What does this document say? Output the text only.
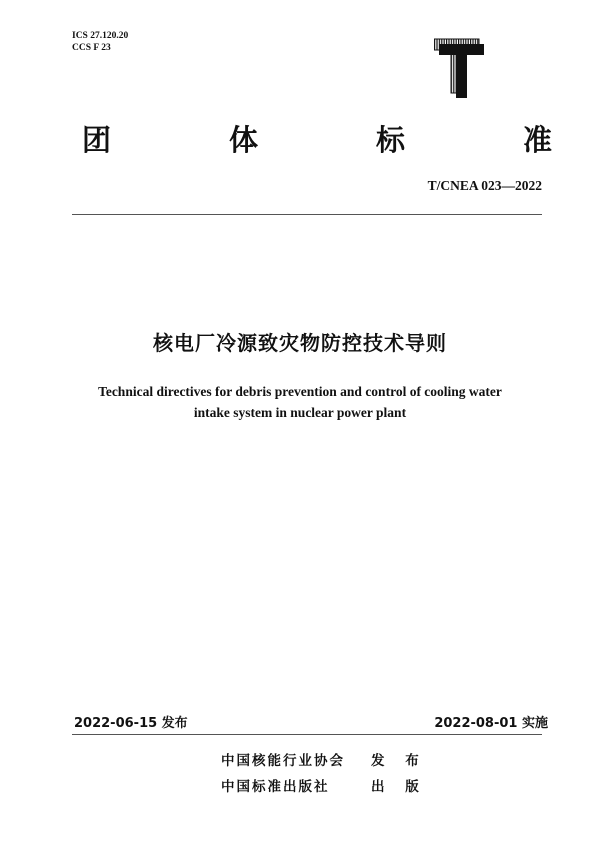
ICS 27.120.20
CCS F 23
团	体	标	准
T/CNEA 023—2022
核电厂冷源致灾物防控技术导则
Technical directives for debris prevention and control of cooling water
intake system in nuclear power plant
2022-06-15 发布	2022-08-01 实施
中国核能行业协会	发 布
中国标准出版社	出 版
